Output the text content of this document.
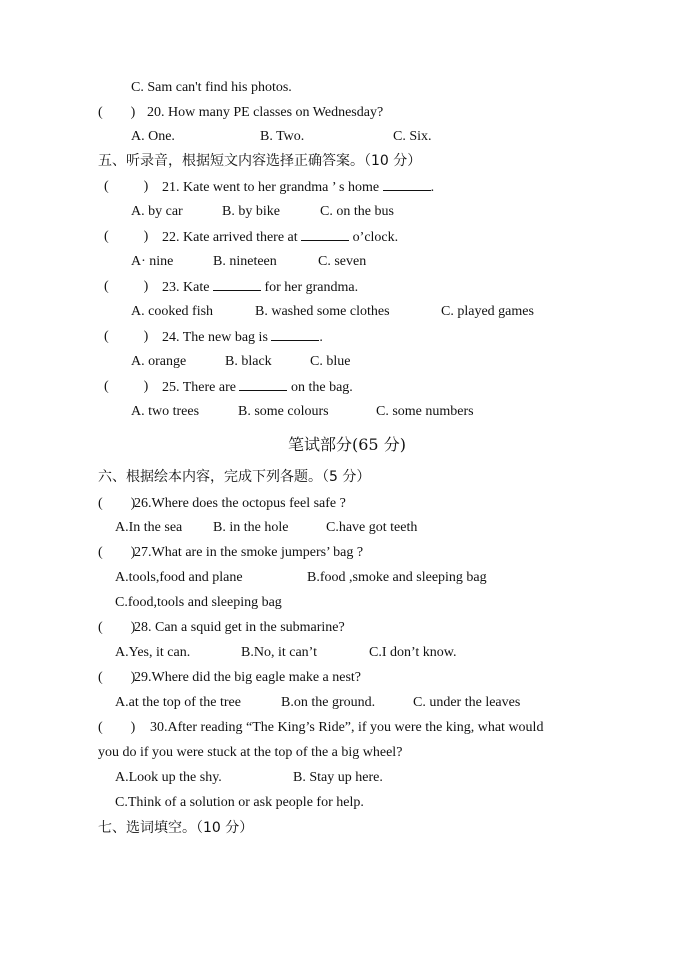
C. Sam can't find his photos.
(        ) 20. How many PE classes on Wednesday?
A. One.	B. Two.	C. Six.
五、听录音，根据短文内容选择正确答案。（10 分）
(          ) 21. Kate went to her grandma ’ s home	.
A. by car	B. by bike	C. on the bus
(          ) 22. Kate arrived there at	o’clock.
A· nine	B. nineteen	C. seven
(          ) 23. Kate	for her grandma.
A. cooked fish	B. washed some clothes	C. played games
(          ) 24. The new bag is	.
A. orange	B. black	C. blue
(          ) 25. There are	on the bag.
A. two trees	B. some colours	C. some numbers
笔试部分(65 分)
六、根据绘本内容，完成下列各题。（5 分）
(        )
26.Where does the octopus feel safe ?
A.In the sea B. in the hole	C.have got teeth
(        )
27.What are in the smoke jumpers’ bag ?
A.tools,food and plane	B.food ,smoke and sleeping bag
C.food,tools and sleeping bag
(        )
28. Can a squid get in the submarine?
A.Yes, it can.	B.No, it can’t	C.I don’t know.
(        )
29.Where did the big eagle make a nest?
A.at the top of the tree	B.on the ground.	C. under the leaves
(        ) 30.After reading “The King’s Ride”, if you were the king, what would
you do if you were stuck at the top of the a big wheel?
A.Look up the shy.	B. Stay up here.
C.Think of a solution or ask people for help.
七、选词填空。（10 分）
